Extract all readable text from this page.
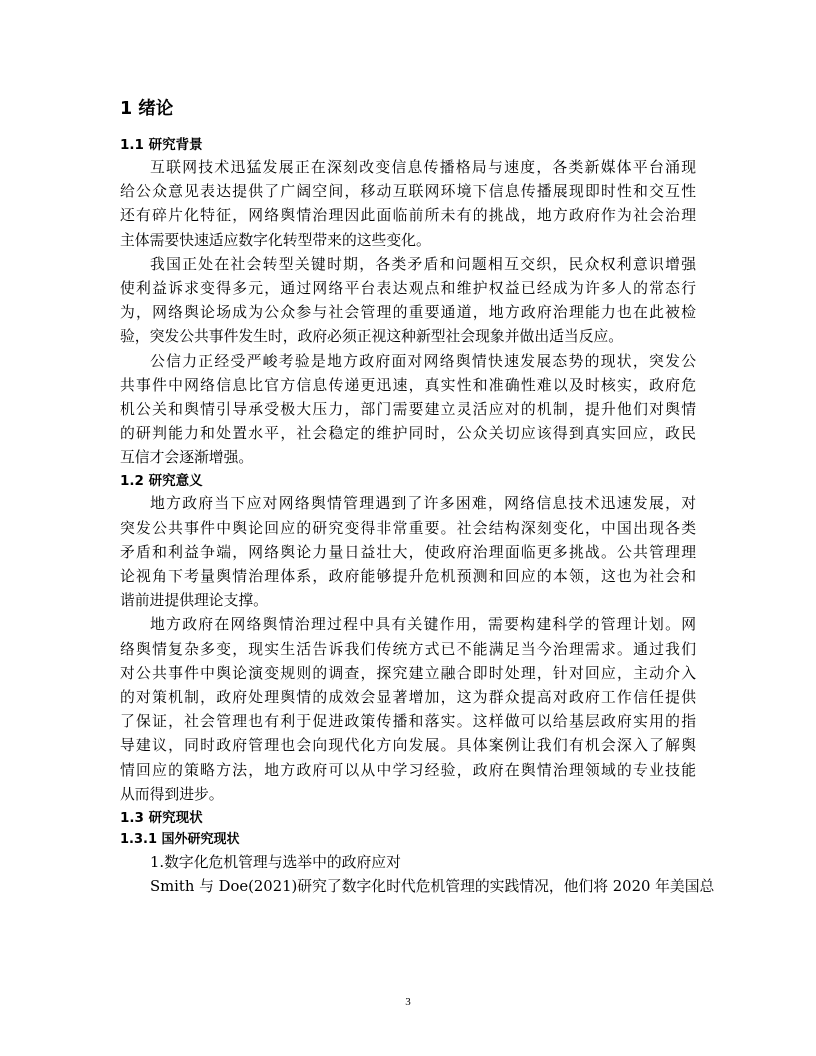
1 绪论
1.1 研究背景
互联网技术迅猛发展正在深刻改变信息传播格局与速度，各类新媒体平台涌现
给公众意见表达提供了广阔空间，移动互联网环境下信息传播展现即时性和交互性
还有碎片化特征，网络舆情治理因此面临前所未有的挑战，地方政府作为社会治理
主体需要快速适应数字化转型带来的这些变化。
我国正处在社会转型关键时期，各类矛盾和问题相互交织，民众权利意识增强
使利益诉求变得多元，通过网络平台表达观点和维护权益已经成为许多人的常态行
为，网络舆论场成为公众参与社会管理的重要通道，地方政府治理能力也在此被检
验，突发公共事件发生时，政府必须正视这种新型社会现象并做出适当反应。
公信力正经受严峻考验是地方政府面对网络舆情快速发展态势的现状，突发公
共事件中网络信息比官方信息传递更迅速，真实性和准确性难以及时核实，政府危
机公关和舆情引导承受极大压力，部门需要建立灵活应对的机制，提升他们对舆情
的研判能力和处置水平，社会稳定的维护同时，公众关切应该得到真实回应，政民
互信才会逐渐增强。
1.2 研究意义
地方政府当下应对网络舆情管理遇到了许多困难，网络信息技术迅速发展，对
突发公共事件中舆论回应的研究变得非常重要。社会结构深刻变化，中国出现各类
矛盾和利益争端，网络舆论力量日益壮大，使政府治理面临更多挑战。公共管理理
论视角下考量舆情治理体系，政府能够提升危机预测和回应的本领，这也为社会和
谐前进提供理论支撑。
地方政府在网络舆情治理过程中具有关键作用，需要构建科学的管理计划。网
络舆情复杂多变，现实生活告诉我们传统方式已不能满足当今治理需求。通过我们
对公共事件中舆论演变规则的调查，探究建立融合即时处理，针对回应，主动介入
的对策机制，政府处理舆情的成效会显著增加，这为群众提高对政府工作信任提供
了保证，社会管理也有利于促进政策传播和落实。这样做可以给基层政府实用的指
导建议，同时政府管理也会向现代化方向发展。具体案例让我们有机会深入了解舆
情回应的策略方法，地方政府可以从中学习经验，政府在舆情治理领域的专业技能
从而得到进步。
1.3 研究现状
1.3.1 国外研究现状
1.数字化危机管理与选举中的政府应对
Smith 与 Doe(2021)研究了数字化时代危机管理的实践情况，他们将 2020 年美国总
3
